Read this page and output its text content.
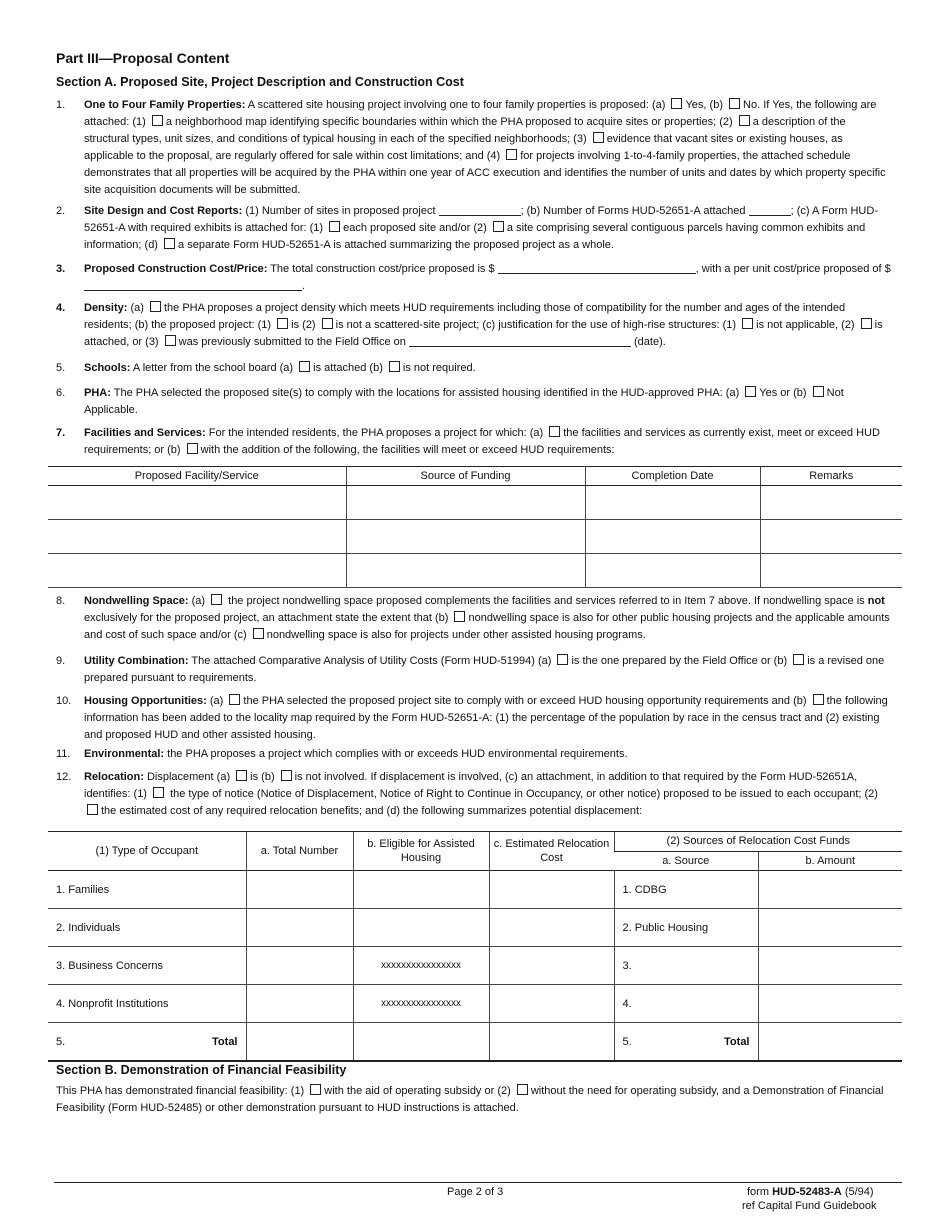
Part III—Proposal Content
Section A. Proposed Site, Project Description and Construction Cost
1. One to Four Family Properties: A scattered site housing project involving one to four family properties is proposed: (a) Yes, (b) No. If Yes, the following are attached: (1) a neighborhood map identifying specific boundaries within which the PHA proposed to acquire sites or properties; (2) a description of the structural types, unit sizes, and conditions of typical housing in each of the specified neighborhoods; (3) evidence that vacant sites or existing houses, as applicable to the proposal, are regularly offered for sale within cost limitations; and (4) for projects involving 1-to-4-family properties, the attached schedule demonstrates that all properties will be acquired by the PHA within one year of ACC execution and identifies the number of units and dates by which property specific site acquisition documents will be submitted.
2. Site Design and Cost Reports: (1) Number of sites in proposed project	; (b) Number of Forms HUD-52651-A attached	; (c) A Form HUD-52651-A with required exhibits is attached for: (1) each proposed site and/or (2) a site comprising several contiguous parcels having common exhibits and information; (d) a separate Form HUD-52651-A is attached summarizing the proposed project as a whole.
3. Proposed Construction Cost/Price: The total construction cost/price proposed is $	, with a per unit cost/price proposed of $ .
4. Density: (a) the PHA proposes a project density which meets HUD requirements including those of compatibility for the number and ages of the intended residents; (b) the proposed project: (1) is (2) is not a scattered-site project; (c) justification for the use of high-rise structures: (1) is not applicable, (2) is attached, or (3) was previously submitted to the Field Office on	(date).
5. Schools: A letter from the school board (a) is attached (b) is not required.
6. PHA: The PHA selected the proposed site(s) to comply with the locations for assisted housing identified in the HUD-approved PHA: (a) Yes or (b) Not Applicable.
7. Facilities and Services: For the intended residents, the PHA proposes a project for which: (a) the facilities and services as currently exist, meet or exceed HUD requirements; or (b) with the addition of the following, the facilities will meet or exceed HUD requirements:
Proposed Facility/Service	Source of Funding	Completion Date	Remarks

8. Nondwelling Space: (a)  the project nondwelling space proposed complements the facilities and services referred to in Item 7 above. If nondwelling space is not exclusively for the proposed project, an attachment state the extent that (b) nondwelling space is also for other public housing projects and the applicable amounts and cost of such space and/or (c) nondwelling space is also for projects under other assisted housing programs.
9. Utility Combination: The attached Comparative Analysis of Utility Costs (Form HUD-51994) (a) is the one prepared by the Field Office or (b) is a revised one prepared pursuant to requirements.
10. Housing Opportunities: (a) the PHA selected the proposed project site to comply with or exceed HUD housing opportunity requirements and (b) the following information has been added to the locality map required by the Form HUD-52651-A: (1) the percentage of the population by race in the census tract and (2) existing and proposed HUD and other assisted housing.
11. Environmental: the PHA proposes a project which complies with or exceeds HUD environmental requirements.
12. Relocation: Displacement (a) is (b) is not involved. If displacement is involved, (c) an attachment, in addition to that required by the Form HUD-52651A, identifies: (1)  the type of notice (Notice of Displacement, Notice of Right to Continue in Occupancy, or other notice) proposed to be issued to each occupant; (2) the estimated cost of any required relocation benefits; and (d) the following summarizes potential displacement:
(1) Type of Occupant	a. Total Number	b. Eligible for Assisted Housing	c. Estimated Relocation Cost	(2) Sources of Relocation Cost Funds	
				a. Source	b. Amount
1. Families				1. CDBG	
2. Individuals				2. Public Housing	
3. Business Concerns		xxxxxxxxxxxxxxxx		3.	
4. Nonprofit Institutions		xxxxxxxxxxxxxxxx		4.	
5. Total				5. Total	

Section B. Demonstration of Financial Feasibility
This PHA has demonstrated financial feasibility: (1) with the aid of operating subsidy or (2) without the need for operating subsidy, and a Demonstration of Financial Feasibility (Form HUD-52485) or other demonstration pursuant to HUD instructions is attached.
Page 2 of 3	form HUD-52483-A (5/94)
ref Capital Fund Guidebook
